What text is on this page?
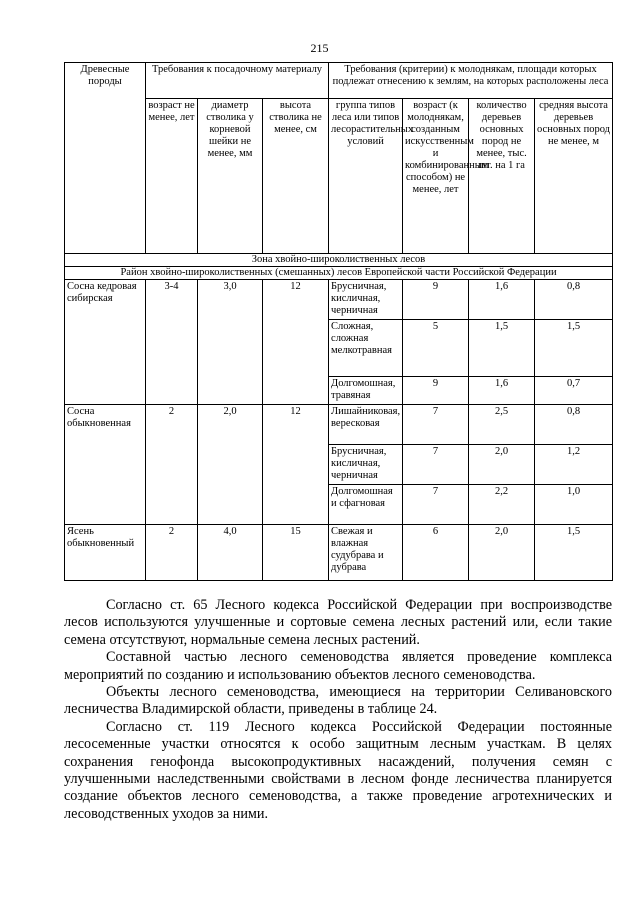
215
Древесные породы	Требования к посадочному материалу			Требования (критерии) к молоднякам, площади которых подлежат отнесению к землям, на которых расположены леса			
	возраст не менее, лет	диаметр стволика у корневой шейки не менее, мм	высота стволика не менее, см	группа типов леса или типов лесорастительных условий	возраст (к молоднякам, созданным искусственным и комбинированным способом) не менее, лет	количество деревьев основных пород не менее, тыс. шт. на 1 га	средняя высота деревьев основных пород не менее, м
Зона хвойно-широколиственных лесов							
Район хвойно-широколиственных (смешанных) лесов Европейской части Российской Федерации							
Сосна кедровая сибирская	3-4	3,0	12	Брусничная, кисличная, черничная	9	1,6	0,8
				Сложная, сложная мелкотравная	5	1,5	1,5
				Долгомошная, травяная	9	1,6	0,7
Сосна обыкновенная	2	2,0	12	Лишайниковая, вересковая	7	2,5	0,8
				Брусничная, кисличная, черничная	7	2,0	1,2
				Долгомошная и сфагновая	7	2,2	1,0
Ясень обыкновенный	2	4,0	15	Свежая и влажная судубрава и дубрава	6	2,0	1,5

Согласно ст. 65 Лесного кодекса Российской Федерации при воспроизводстве лесов используются улучшенные и сортовые семена лесных растений или, если такие семена отсутствуют, нормальные семена лесных растений.

Составной частью лесного семеноводства является проведение комплекса мероприятий по созданию и использованию объектов лесного семеноводства.

Объекты лесного семеноводства, имеющиеся на территории Селивановского лесничества Владимирской области, приведены в таблице 24.

Согласно ст. 119 Лесного кодекса Российской Федерации постоянные лесосеменные участки относятся к особо защитным лесным участкам. В целях сохранения генофонда высокопродуктивных насаждений, получения семян с улучшенными наследственными свойствами в лесном фонде лесничества планируется создание объектов лесного семеноводства, а также проведение агротехнических и лесоводственных уходов за ними.
